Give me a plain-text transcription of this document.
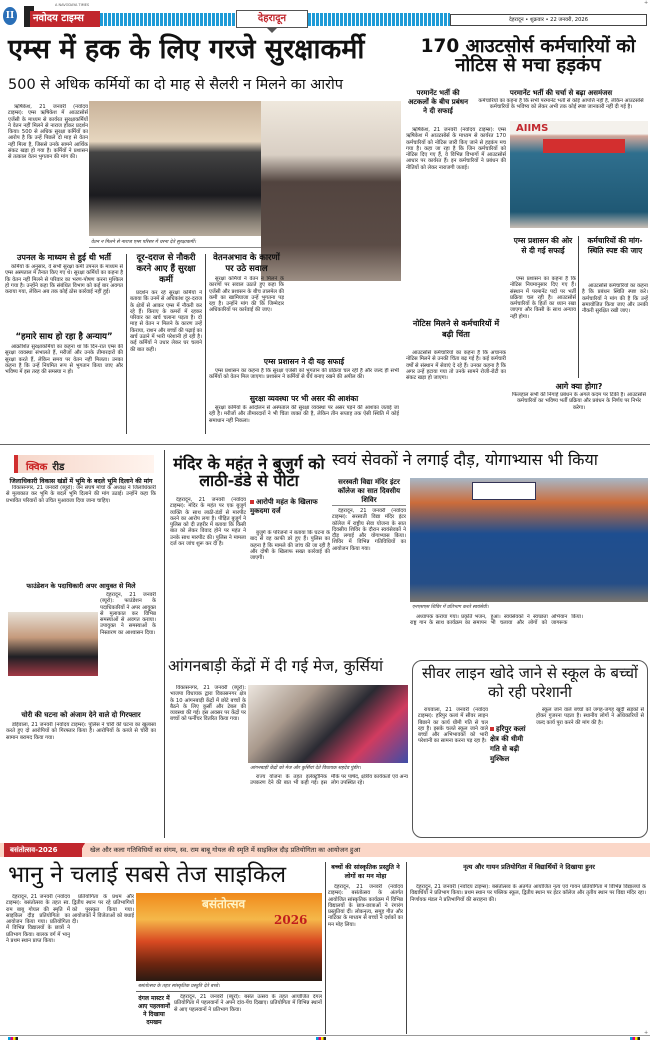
II
A NAVODAYA TIMES
नवोदय टाइम्स	देहरादून	देहरादून • शुक्रवार • 22 जनवरी, 2026
एम्स में हक के लिए गरजे सुरक्षाकर्मी
500 से अधिक कर्मियों का दो माह से सैलरी न मिलने का आरोप

ऋषिकेश, 21 जनवरी (नवोदय टाइम्स): एम्स ऋषिकेश में आउटसोर्स एजेंसी के माध्यम से कार्यरत सुरक्षाकर्मियों ने वेतन नहीं मिलने से नाराज होकर प्रदर्शन किया। 500 से अधिक सुरक्षा कर्मियों का आरोप है कि उन्हें पिछले दो माह से वेतन नहीं मिला है, जिससे उनके सामने आर्थिक संकट खड़ा हो गया है। कर्मियों ने प्रशासन से तत्काल वेतन भुगतान की मांग की।

वेतन न मिलने से नाराज एम्स परिसर में धरना देते सुरक्षाकर्मी।
उपनल के माध्यम से हुई थी भर्ती

कर्मियों के अनुसार, वे सभी सुरक्षा कर्मी उपनल के माध्यम से एम्स अस्पताल में तैनात किए गए थे। सुरक्षा कर्मियों का कहना है कि वेतन नहीं मिलने से परिवार का भरण-पोषण करना मुश्किल हो गया है। उन्होंने कहा कि संबंधित विभाग को कई बार अवगत कराया गया, लेकिन अब तक कोई ठोस कार्रवाई नहीं हुई।

“हमारे साथ हो रहा है अन्याय”

आक्रोशित सुरक्षाकर्मियों का कहना था कि दिन-रात एम्स की सुरक्षा व्यवस्था संभालते हैं, मरीजों और उनके तीमारदारों की सुरक्षा करते हैं, लेकिन समय पर वेतन नहीं मिलता। उनका कहना है कि उन्हें नियमित रूप से भुगतान किया जाए और भविष्य में इस तरह की समस्या न हो।

दूर-दराज से नौकरी करने आए हैं सुरक्षा कर्मी

प्रदर्शन कर रहे सुरक्षा कर्मियों ने बताया कि उनमें से अधिकांश दूर-दराज के क्षेत्रों से आकर एम्स में नौकरी कर रहे हैं। किराए के कमरों में रहकर परिवार का खर्च चलाना पड़ता है। दो माह से वेतन न मिलने के कारण उन्हें किराया, राशन और बच्चों की पढ़ाई का खर्च उठाने में भारी परेशानी हो रही है। कई कर्मियों ने उधार लेकर घर चलाने की बात कही।

वेतनअभाव के कारणों पर उठे सवाल

सुरक्षा कर्मियों ने वेतन न मिलने के कारणों पर सवाल उठाते हुए कहा कि एजेंसी और प्रशासन के बीच तालमेल की कमी का खामियाजा उन्हें भुगतना पड़ रहा है। उन्होंने मांग की कि जिम्मेदार अधिकारियों पर कार्रवाई की जाए।

एम्स प्रशासन ने दी यह सफाई

एम्स प्रशासन का कहना है कि सुरक्षा एजेंसी को भुगतान की प्रक्रिया चल रही है और जल्द ही सभी कर्मियों को वेतन मिल जाएगा। प्रशासन ने कर्मियों से धैर्य बनाए रखने की अपील की।

सुरक्षा व्यवस्था पर भी असर की आशंका

सुरक्षा कर्मियों के आंदोलन से अस्पताल की सुरक्षा व्यवस्था पर असर पड़ने की आशंका जताई जा रही है। मरीजों और तीमारदारों ने भी चिंता व्यक्त की है, लेकिन तीन सप्ताह तक ऐसी स्थिति में कोई समाधान नहीं निकला।

170 आउटसोर्स कर्मचारियों को नोटिस से मचा हड़कंप
परमानेंट भर्ती की अटकलों के बीच प्रबंधन ने दी सफाई
परमानेंट भर्ती की चर्चा से बढ़ा असमंजस

कर्मचारियों का कहना है कि सभी परमानेंट भर्ती से कोई आपत्ति नहीं है, लेकिन आउटसोर्स कर्मचारियों के भविष्य को लेकर अभी तक कोई स्पष्ट जानकारी नहीं दी गई है।

AIIMS

ऋषिकेश, 21 जनवरी (नवोदय टाइम्स): एम्स ऋषिकेश में आउटसोर्स के माध्यम से कार्यरत 170 कर्मचारियों को नोटिस जारी किए जाने से हड़कंप मच गया है। कहा जा रहा है कि जिन कर्मचारियों को नोटिस दिए गए हैं, वे विभिन्न विभागों में आउटसोर्स आधार पर कार्यरत हैं। इन कर्मचारियों ने प्रबंधन की नीतियों को लेकर नाराजगी जताई।

नोटिस मिलने से कर्मचारियों में बढ़ी चिंता

आउटसोर्स कर्मचारियों का कहना है कि अचानक नोटिस मिलने से उनकी चिंता बढ़ गई है। कई कर्मचारी वर्षों से संस्थान में सेवाएं दे रहे हैं। उनका कहना है कि अगर उन्हें हटाया गया तो उनके सामने रोजी-रोटी का संकट खड़ा हो जाएगा।

एम्स प्रशासन की ओर से दी गई सफाई

एम्स प्रशासन का कहना है कि नोटिस नियमानुसार दिए गए हैं। संस्थान में परमानेंट पदों पर भर्ती प्रक्रिया चल रही है। आउटसोर्स कर्मचारियों के हितों का ध्यान रखा जाएगा और किसी के साथ अन्याय नहीं होगा।

कर्मचारियों की मांग-स्थिति स्पष्ट की जाए

आउटसोर्स कर्मचारियों का कहना है कि प्रबंधन स्थिति स्पष्ट करे। कर्मचारियों ने मांग की है कि उन्हें समायोजित किया जाए और उनकी नौकरी सुरक्षित रखी जाए।

आगे क्या होगा?

फिलहाल सभी की निगाहें प्रबंधन के अगले कदम पर टिकी हैं। आउटसोर्स कर्मचारियों का भविष्य भर्ती प्रक्रिया और प्रबंधन के निर्णय पर निर्भर करेगा।

क्विक रीड
जिलाधिकारी विकास खंडों में भूमि के बदले भूमि दिलाने की मांग

विकासनगर, 21 जनवरी (ब्यूरो): जन संघर्ष मोर्चा के अध्यक्ष ने जिलाधिकारी से मुलाकात कर भूमि के बदले भूमि दिलाने की मांग उठाई। उन्होंने कहा कि प्रभावित परिवारों को उचित मुआवजा दिया जाना चाहिए।

फाउंडेशन के पदाधिकारी अपर आयुक्त से मिले

देहरादून, 21 जनवरी (ब्यूरो): फाउंडेशन के पदाधिकारियों ने अपर आयुक्त से मुलाकात कर विभिन्न समस्याओं से अवगत कराया। उपायुक्त ने समस्याओं के निस्तारण का आश्वासन दिया।

चोरी की घटना को अंजाम देने वाले दो गिरफ्तार

डोईवाला, 21 जनवरी (नवोदय टाइम्स): पुलिस ने चोरी की घटना का खुलासा करते हुए दो आरोपियों को गिरफ्तार किया है। आरोपियों के कब्जे से चोरी का सामान बरामद किया गया।

मंदिर के महंत ने बुजुर्ग को लाठी-डंडे से पीटा

देहरादून, 21 जनवरी (नवोदय टाइम्स): मंदिर के महंत पर एक बुजुर्ग व्यक्ति के साथ लाठी-डंडों से मारपीट करने का आरोप लगा है। पीड़ित बुजुर्ग ने पुलिस को दी तहरीर में बताया कि किसी बात को लेकर विवाद होने पर महंत ने उनके साथ मारपीट की। पुलिस ने मामला दर्ज कर जांच शुरू कर दी है।

आरोपी महंत के खिलाफ मुकदमा दर्ज

बुजुर्ग के परिजनों ने बताया कि घटना के बाद से वह काफी डरे हुए हैं। पुलिस का कहना है कि मामले की जांच की जा रही है और दोषी के खिलाफ सख्त कार्रवाई की जाएगी।

स्वयं सेवकों ने लगाई दौड़, योगाभ्यास भी किया
सरस्वती विद्या मंदिर इंटर कॉलेज का सात दिवसीय शिविर

देहरादून, 21 जनवरी (नवोदय टाइम्स): सरस्वती विद्या मंदिर इंटर कॉलेज में राष्ट्रीय सेवा योजना के सात दिवसीय शिविर के दौरान स्वयंसेवकों ने दौड़ लगाई और योगाभ्यास किया। शिविर में विभिन्न गतिविधियों का आयोजन किया गया।

एनएसएस शिविर में प्रतिभाग करते स्वयंसेवी।

अध्यापक कराया गया। प्रकृति भजन, राष्ट्र गान के साथ कार्यक्रम का समापन हुआ। स्वयंसेवकों ने स्वच्छता अभियान भी चलाया और लोगों को जागरूक किया।

आंगनबाड़ी केंद्रों में दी गई मेज, कुर्सियां

विकासनगर, 21 जनवरी (ब्यूरो): भाजपा विधायक द्वारा विकासनगर क्षेत्र के 10 आंगनबाड़ी केंद्रों में छोटे बच्चों के बैठने के लिए कुर्सी और टेबल की व्यवस्था की गई। इस अवसर पर केंद्रों पर बच्चों को फर्नीचर वितरित किया गया।

आंगनबाड़ी केंद्रों को मेज और कुर्सियां देते विधायक सहदेव पुंडीर।

राज्य योजना के तहत इलेक्ट्रॉनिक उपकरण देने की बात भी कही गई। इस मौके पर पार्षद, क्षेत्रीय कार्यकर्ता एवं अन्य लोग उपस्थित रहे।

सीवर लाइन खोदे जाने से स्कूल के बच्चों को रही परेशानी

रायवाला, 21 जनवरी (नवोदय टाइम्स): हरिपुर कलां में सीवर लाइन बिछाने का कार्य धीमी गति से चल रहा है। इसके चलते स्कूल जाने वाले बच्चों और अभिभावकों को भारी परेशानी का सामना करना पड़ रहा है।

हरिपुर कलां क्षेत्र की धीमी गति से बढ़ी मुश्किल

स्कूल जाने वाले बच्चों को जगह-जगह खुदी सड़कों से होकर गुजरना पड़ता है। स्थानीय लोगों ने अधिकारियों से जल्द कार्य पूरा करने की मांग की है।

बसंतोत्सव-2026	खेल और कला गतिविधियों का संगम, स्व. राम बाबू गोयल की स्मृति में साइकिल दौड़ प्रतियोगिता का आयोजन हुआ
भानु ने चलाई सबसे तेज साइकिल

देहरादून, 21 जनवरी (नवोदय टाइम्स): बसंतोत्सव के तहत स्व. राम बाबू गोयल की स्मृति में साइकिल दौड़ प्रतियोगिता का आयोजन किया गया। प्रतियोगिता में विभिन्न विद्यालयों के छात्रों ने प्रतिभाग किया। बालक वर्ग में भानु ने प्रथम स्थान प्राप्त किया।

प्रतियोगिता के प्रथम और द्वितीय स्थान पर रहे प्रतिभागियों को पुरस्कृत किया गया। आयोजकों ने विजेताओं को बधाई दी।

बसंतोत्सव
2026
बसंतोत्सव के तहत सांस्कृतिक प्रस्तुति देते बच्चे।
दंगल मास्टर में आए पहलवानों ने दिखाया दमखम

देहरादून, 21 जनवरी (ब्यूरो): बसंत उत्सव के तहत आयोजित दंगल प्रतियोगिता में पहलवानों ने अपने दांव-पेंच दिखाए। प्रतियोगिता में विभिन्न स्थानों से आए पहलवानों ने प्रतिभाग किया।

बच्चों की सांस्कृतिक प्रस्तुति ने लोगों का मन मोहा

देहरादून, 21 जनवरी (नवोदय टाइम्स): बसंतोत्सव के अंतर्गत आयोजित सांस्कृतिक कार्यक्रम में विभिन्न विद्यालयों के छात्र-छात्राओं ने रंगारंग प्रस्तुतियां दीं। लोकनृत्य, समूह गीत और नाटिका के माध्यम से बच्चों ने दर्शकों का मन मोह लिया।

नृत्य और गायन प्रतियोगिता में विद्यार्थियों ने दिखाया हुनर

देहरादून, 21 जनवरी (नवोदय टाइम्स): बसंतोत्सव के अंतर्गत आयोजित नृत्य एवं गायन प्रतियोगिता में विभिन्न विद्यालयों के विद्यार्थियों ने प्रतिभाग किया। प्रथम स्थान पर पब्लिक स्कूल, द्वितीय स्थान पर इंटर कॉलेज और तृतीय स्थान पर विद्या मंदिर रहा। निर्णायक मंडल ने प्रतिभागियों की सराहना की।

+
+
